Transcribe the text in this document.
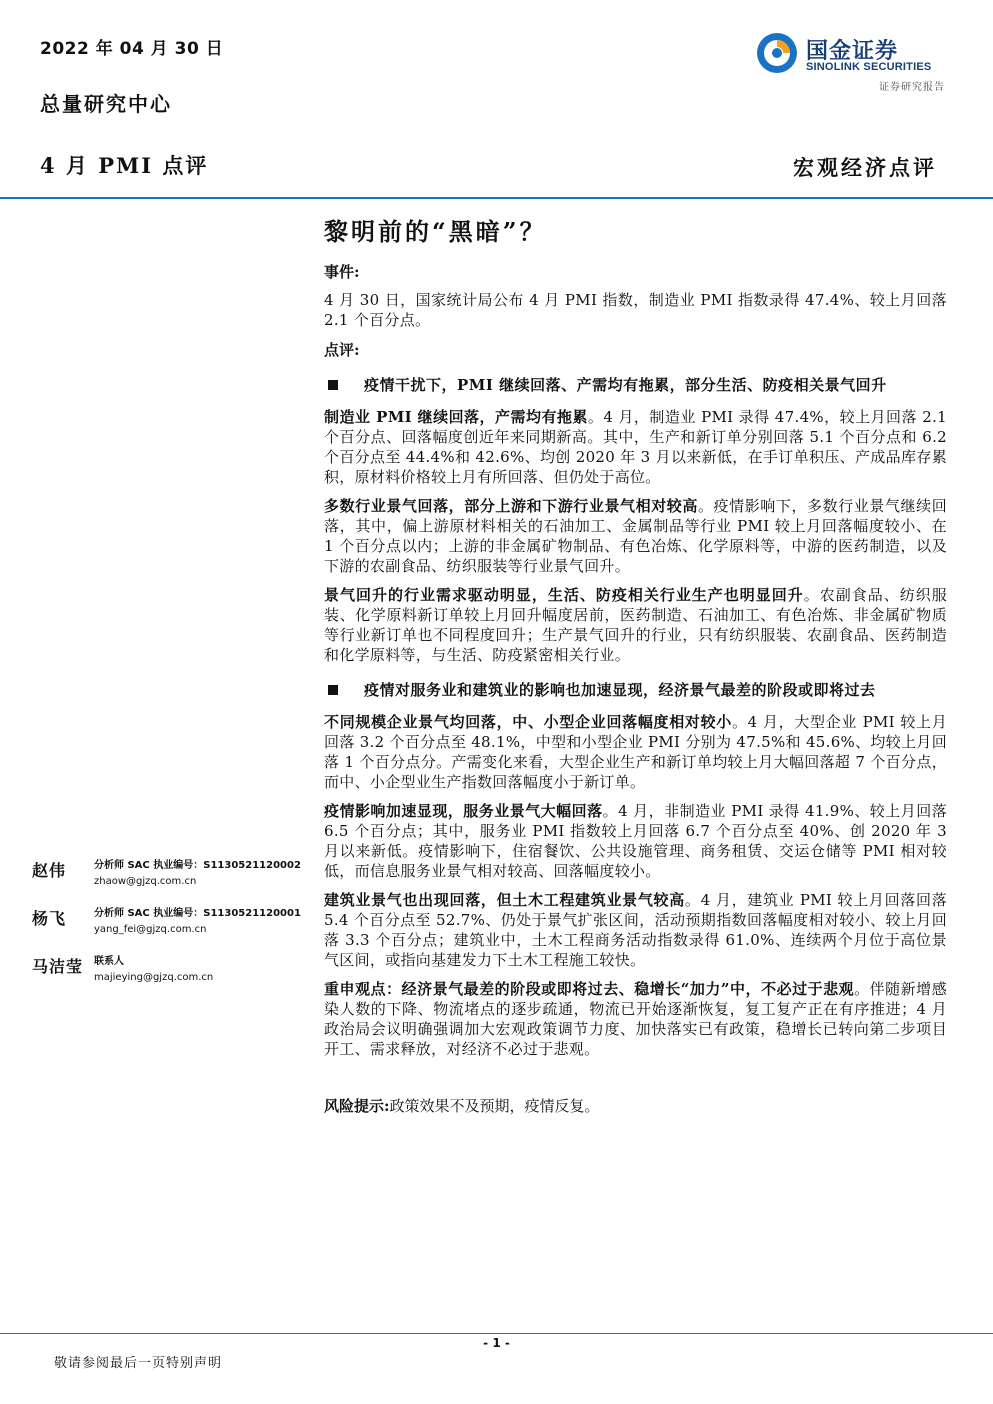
2022 年 04 月 30 日
总量研究中心
4 月 PMI 点评	宏观经济点评
国金证券
SINOLINK SECURITIES
证券研究报告
赵伟	分析师 SAC 执业编号：S1130521120002
zhaow@gjzq.com.cn
杨飞	分析师 SAC 执业编号：S1130521120001
yang_fei@gjzq.com.cn
马洁莹	联系人
majieying@gjzq.com.cn
黎明前的“黑暗”？
事件:
4 月 30 日，国家统计局公布 4 月 PMI 指数，制造业 PMI 指数录得 47.4%、较上月回落 2.1 个百分点。
点评:
疫情干扰下，PMI 继续回落、产需均有拖累，部分生活、防疫相关景气回升

制造业 PMI 继续回落，产需均有拖累。4 月，制造业 PMI 录得 47.4%，较上月回落 2.1 个百分点、回落幅度创近年来同期新高。其中，生产和新订单分别回落 5.1 个百分点和 6.2 个百分点至 44.4%和 42.6%、均创 2020 年 3 月以来新低，在手订单积压、产成品库存累积，原材料价格较上月有所回落、但仍处于高位。

多数行业景气回落，部分上游和下游行业景气相对较高。疫情影响下，多数行业景气继续回落，其中，偏上游原材料相关的石油加工、金属制品等行业 PMI 较上月回落幅度较小、在 1 个百分点以内；上游的非金属矿物制品、有色冶炼、化学原料等，中游的医药制造，以及下游的农副食品、纺织服装等行业景气回升。

景气回升的行业需求驱动明显，生活、防疫相关行业生产也明显回升。农副食品、纺织服装、化学原料新订单较上月回升幅度居前，医药制造、石油加工、有色冶炼、非金属矿物质等行业新订单也不同程度回升；生产景气回升的行业，只有纺织服装、农副食品、医药制造和化学原料等，与生活、防疫紧密相关行业。

疫情对服务业和建筑业的影响也加速显现，经济景气最差的阶段或即将过去

不同规模企业景气均回落，中、小型企业回落幅度相对较小。4 月，大型企业 PMI 较上月回落 3.2 个百分点至 48.1%，中型和小型企业 PMI 分别为 47.5%和 45.6%、均较上月回落 1 个百分点分。产需变化来看，大型企业生产和新订单均较上月大幅回落超 7 个百分点，而中、小企型业生产指数回落幅度小于新订单。

疫情影响加速显现，服务业景气大幅回落。4 月，非制造业 PMI 录得 41.9%、较上月回落 6.5 个百分点；其中，服务业 PMI 指数较上月回落 6.7 个百分点至 40%、创 2020 年 3 月以来新低。疫情影响下，住宿餐饮、公共设施管理、商务租赁、交运仓储等 PMI 相对较低，而信息服务业景气相对较高、回落幅度较小。

建筑业景气也出现回落，但土木工程建筑业景气较高。4 月，建筑业 PMI 较上月回落回落 5.4 个百分点至 52.7%、仍处于景气扩张区间，活动预期指数回落幅度相对较小、较上月回落 3.3 个百分点；建筑业中，土木工程商务活动指数录得 61.0%、连续两个月位于高位景气区间，或指向基建发力下土木工程施工较快。

重申观点：经济景气最差的阶段或即将过去、稳增长“加力”中，不必过于悲观。伴随新增感染人数的下降、物流堵点的逐步疏通，物流已开始逐渐恢复，复工复产正在有序推进；4 月政治局会议明确强调加大宏观政策调节力度、加快落实已有政策，稳增长已转向第二步项目开工、需求释放，对经济不必过于悲观。

风险提示:政策效果不及预期，疫情反复。
- 1 -
敬请参阅最后一页特别声明
